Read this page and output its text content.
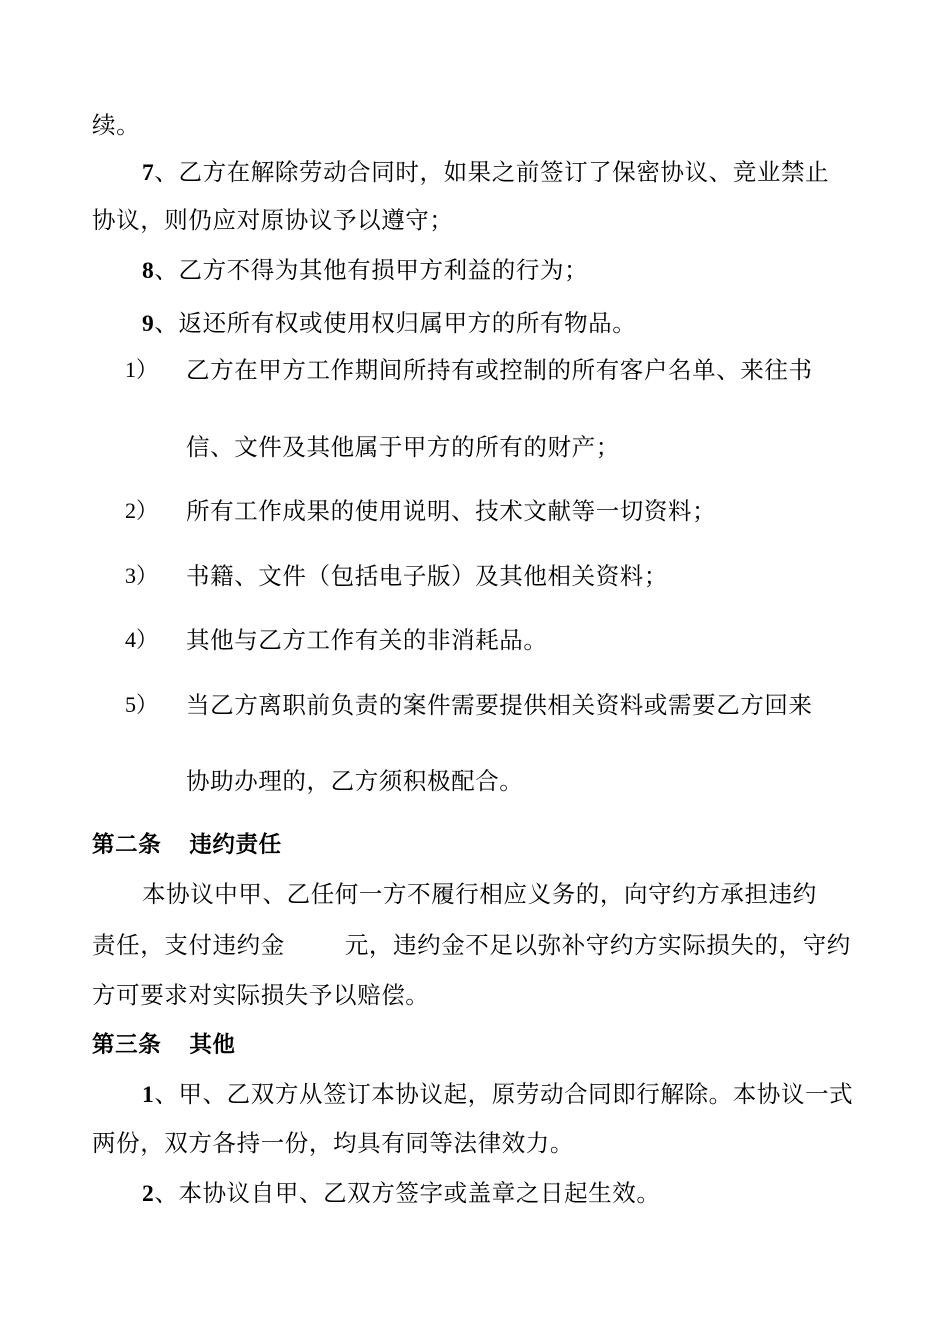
续。
7、乙方在解除劳动合同时，如果之前签订了保密协议、竞业禁止
协议，则仍应对原协议予以遵守；
8、乙方不得为其他有损甲方利益的行为；
9、返还所有权或使用权归属甲方的所有物品。
1） 乙方在甲方工作期间所持有或控制的所有客户名单、来往书
信、文件及其他属于甲方的所有的财产；
2） 所有工作成果的使用说明、技术文献等一切资料；
3） 书籍、文件（包括电子版）及其他相关资料；
4） 其他与乙方工作有关的非消耗品。
5） 当乙方离职前负责的案件需要提供相关资料或需要乙方回来
协助办理的，乙方须积极配合。
第二条 违约责任
本协议中甲、乙任何一方不履行相应义务的，向守约方承担违约
责任，支付违约金	元，违约金不足以弥补守约方实际损失的，守约
方可要求对实际损失予以赔偿。
第三条 其他
1、甲、乙双方从签订本协议起，原劳动合同即行解除。本协议一式
两份，双方各持一份，均具有同等法律效力。
2、本协议自甲、乙双方签字或盖章之日起生效。
